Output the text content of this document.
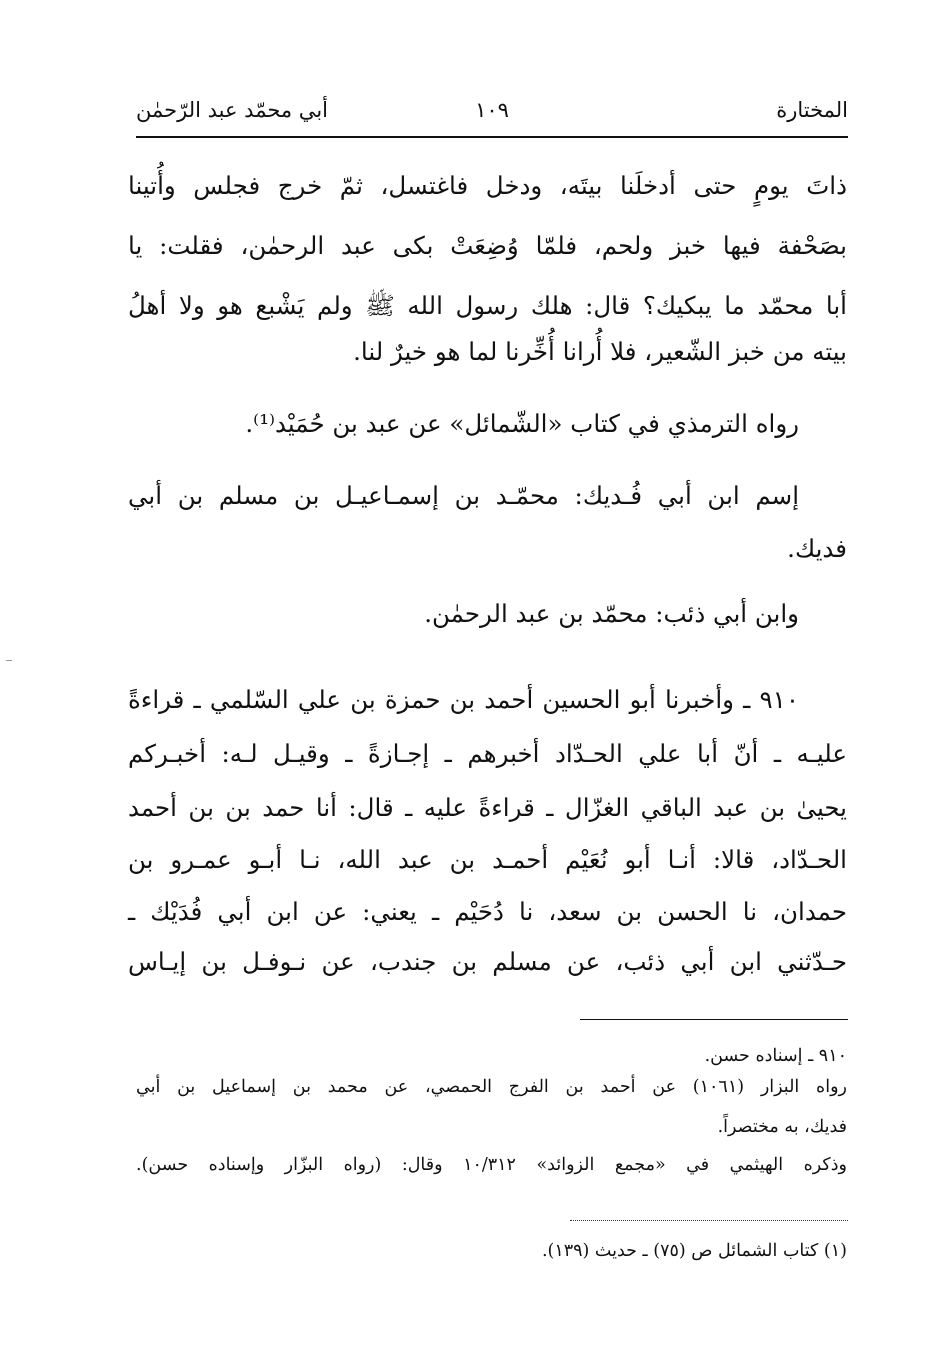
المختارة
١٠٩
أبي محمّد عبد الرّحمٰن
ذاتَ يومٍ حتى أدخلَنا بيتَه، ودخل فاغتسل، ثمّ خرج فجلس وأُتينا
بصَحْفة فيها خبز ولحم، فلمّا وُضِعَتْ بكى عبد الرحمٰن، فقلت: يا
أبا محمّد ما يبكيك؟ قال: هلك رسول الله ﷺ ولم يَشْبع هو ولا أهلُ
بيته من خبز الشّعير، فلا أُرانا أُخِّرنا لما هو خيرٌ لنا.
رواه الترمذي في كتاب «الشّمائل» عن عبد بن حُمَيْد⁽¹⁾.
إسم ابن أبي فُـديك: محمّـد بن إسمـاعيـل بن مسلم بن أبي
فديك.
وابن أبي ذئب: محمّد بن عبد الرحمٰن.
٩١٠ ـ وأخبرنا أبو الحسين أحمد بن حمزة بن علي السّلمي ـ قراءةً
عليـه ـ أنّ أبا علي الحـدّاد أخبرهم ـ إجـازةً ـ وقيـل لـه: أخبـركم
يحيىٰ بن عبد الباقي الغزّال ـ قراءةً عليه ـ قال: أنا حمد بن بن أحمد
الحـدّاد، قالا: أنـا أبو نُعَيْم أحمـد بن عبد الله، نـا أبـو عمـرو بن
حمدان، نا الحسن بن سعد، نا دُحَيْم ـ يعني: عن ابن أبي فُدَيْك ـ
حـدّثني ابن أبي ذئب، عن مسلم بن جندب، عن نـوفـل بن إيـاس
٩١٠ ـ إسناده حسن.
رواه البزار (١٠٦١) عن أحمد بن الفرج الحمصي، عن محمد بن إسماعيل بن أبي
فديك، به مختصراً.
وذكره الهيثمي في «مجمع الزوائد» ١٠/٣١٢ وقال: (رواه البزّار وإسناده حسن).
(١) كتاب الشمائل ص (٧٥) ـ حديث (١٣٩).
